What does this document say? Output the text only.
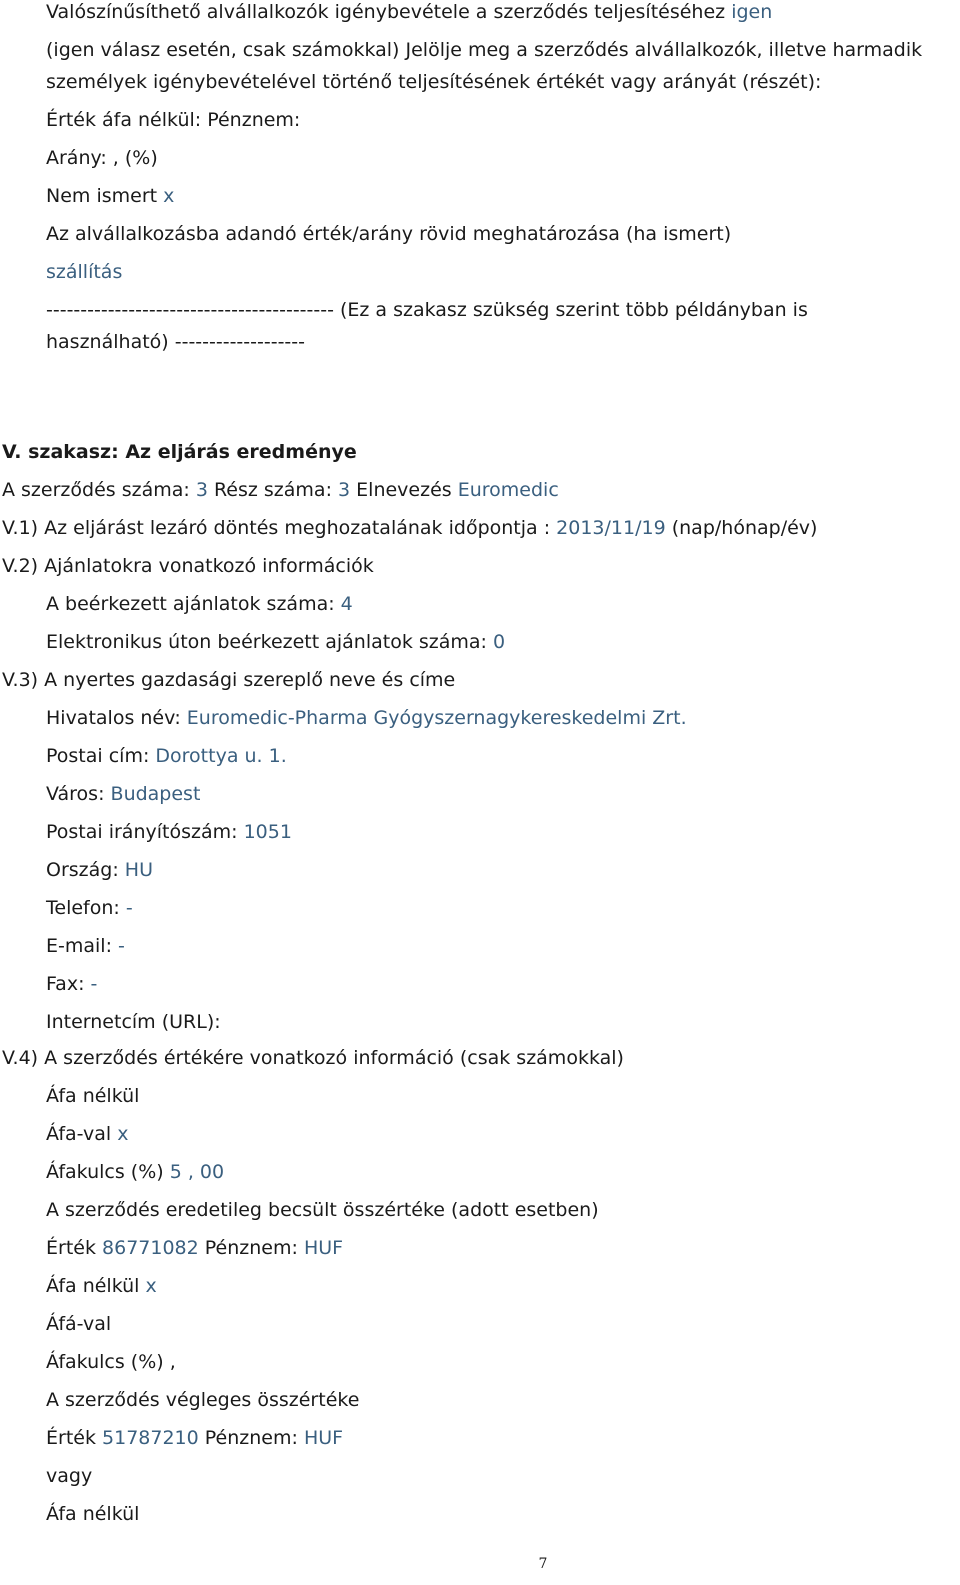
Valószínűsíthető alvállalkozók igénybevétele a szerződés teljesítéséhez igen
(igen válasz esetén, csak számokkal) Jelölje meg a szerződés alvállalkozók, illetve harmadik
személyek igénybevételével történő teljesítésének értékét vagy arányát (részét):
Érték áfa nélkül: Pénznem:
Arány: , (%)
Nem ismert x
Az alvállalkozásba adandó érték/arány rövid meghatározása (ha ismert)
szállítás
------------------------------------------ (Ez a szakasz szükség szerint több példányban is
használható) -------------------
V. szakasz: Az eljárás eredménye
A szerződés száma: 3 Rész száma: 3 Elnevezés Euromedic
V.1) Az eljárást lezáró döntés meghozatalának időpontja : 2013/11/19 (nap/hónap/év)
V.2) Ajánlatokra vonatkozó információk
A beérkezett ajánlatok száma: 4
Elektronikus úton beérkezett ajánlatok száma: 0
V.3) A nyertes gazdasági szereplő neve és címe
Hivatalos név: Euromedic-Pharma Gyógyszernagykereskedelmi Zrt.
Postai cím: Dorottya u. 1.
Város: Budapest
Postai irányítószám: 1051
Ország: HU
Telefon: -
E-mail: -
Fax: -
Internetcím (URL):
V.4) A szerződés értékére vonatkozó információ (csak számokkal)
Áfa nélkül
Áfa-val x
Áfakulcs (%) 5 , 00
A szerződés eredetileg becsült összértéke (adott esetben)
Érték 86771082 Pénznem: HUF
Áfa nélkül x
Áfá-val
Áfakulcs (%) ,
A szerződés végleges összértéke
Érték 51787210 Pénznem: HUF
vagy
Áfa nélkül
7
